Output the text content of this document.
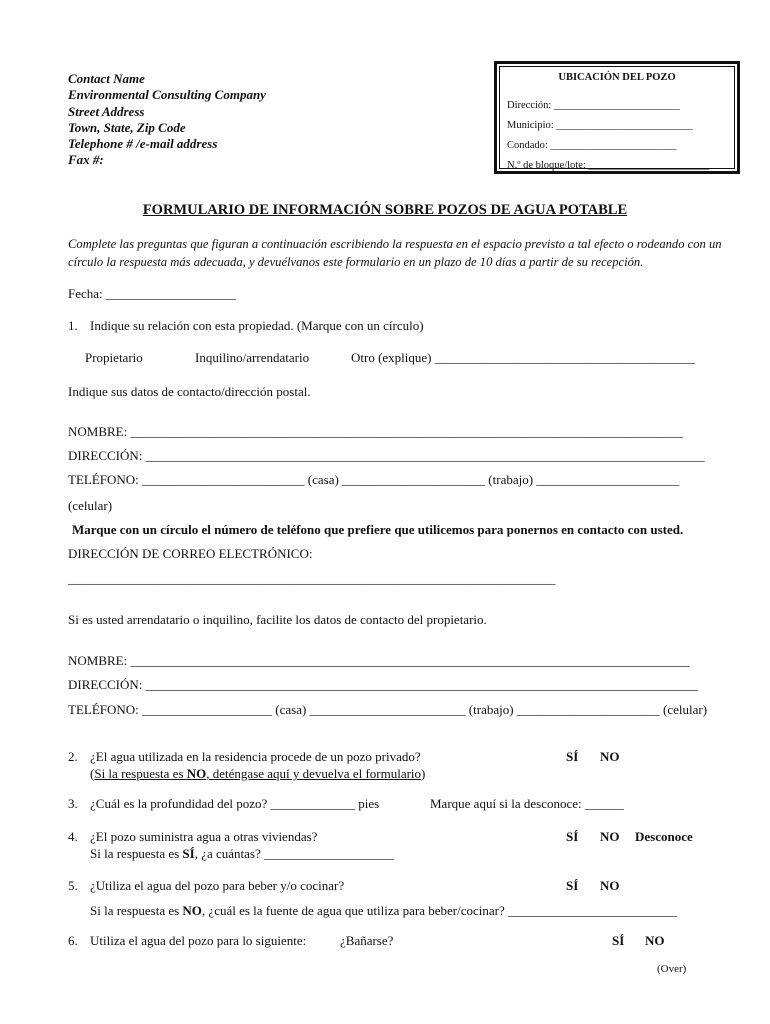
Contact Name
Environmental Consulting Company
Street Address
Town, State, Zip Code
Telephone # /e-mail address
Fax #:
UBICACIÓN DEL POZO
Dirección: ________________________
Municipio: __________________________
Condado: ________________________
N.º de bloque/lote: _______________________
FORMULARIO DE INFORMACIÓN SOBRE POZOS DE AGUA POTABLE
Complete las preguntas que figuran a continuación escribiendo la respuesta en el espacio previsto a tal efecto o rodeando con un círculo la respuesta más adecuada, y devuélvanos este formulario en un plazo de 10 días a partir de su recepción.
Fecha: ____________________
1. Indique su relación con esta propiedad. (Marque con un círculo)
Propietario	Inquilino/arrendatario	Otro (explique) ________________________________________
Indique sus datos de contacto/dirección postal.
NOMBRE: _____________________________________________________________________________________
DIRECCIÓN: ______________________________________________________________________________________
TELÉFONO: _________________________ (casa) ______________________ (trabajo) ______________________
(celular)
Marque con un círculo el número de teléfono que prefiere que utilicemos para ponernos en contacto con usted.
DIRECCIÓN DE CORREO ELECTRÓNICO:
___________________________________________________________________________
Si es usted arrendatario o inquilino, facilite los datos de contacto del propietario.
NOMBRE: ______________________________________________________________________________________
DIRECCIÓN: _____________________________________________________________________________________
TELÉFONO: ____________________ (casa) ________________________ (trabajo) ______________________ (celular)
2. ¿El agua utilizada en la residencia procede de un pozo privado?	SÍ NO
(Si la respuesta es NO, deténgase aquí y devuelva el formulario)
3. ¿Cuál es la profundidad del pozo? _____________ pies	Marque aquí si la desconoce: ______
4. ¿El pozo suministra agua a otras viviendas?	SÍ NO Desconoce
Si la respuesta es SÍ, ¿a cuántas? ____________________
5. ¿Utiliza el agua del pozo para beber y/o cocinar?	SÍ NO
Si la respuesta es NO, ¿cuál es la fuente de agua que utiliza para beber/cocinar? __________________________
6. Utiliza el agua del pozo para lo siguiente:	¿Bañarse?	SÍ NO
(Over)
